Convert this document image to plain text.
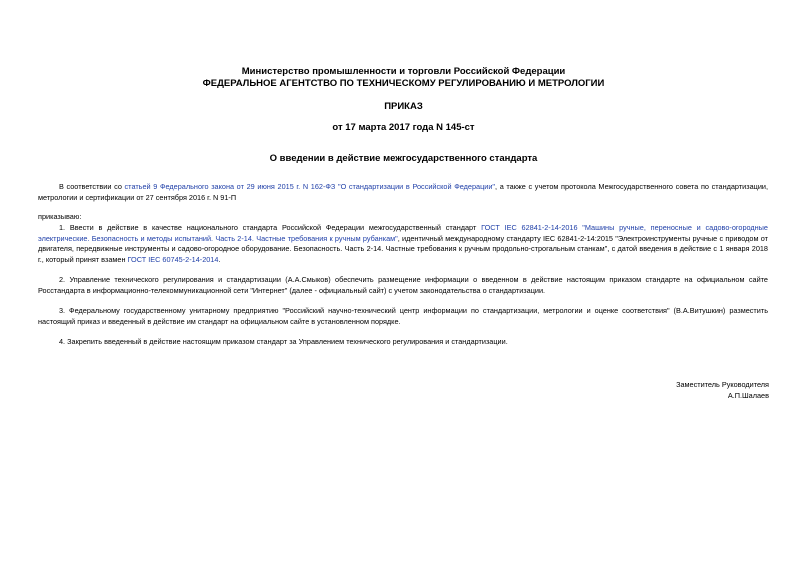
Министерство промышленности и торговли Российской Федерации
ФЕДЕРАЛЬНОЕ АГЕНТСТВО ПО ТЕХНИЧЕСКОМУ РЕГУЛИРОВАНИЮ И МЕТРОЛОГИИ
ПРИКАЗ
от 17 марта 2017 года N 145-ст
О введении в действие межгосударственного стандарта
В соответствии со статьей 9 Федерального закона от 29 июня 2015 г. N 162-ФЗ "О стандартизации в Российской Федерации", а также с учетом протокола Межгосударственного совета по стандартизации, метрологии и сертификации от 27 сентября 2016 г. N 91-П
приказываю:
1. Ввести в действие в качестве национального стандарта Российской Федерации межгосударственный стандарт ГОСТ IEC 62841-2-14-2016 "Машины ручные, переносные и садово-огородные электрические. Безопасность и методы испытаний. Часть 2-14. Частные требования к ручным рубанкам", идентичный международному стандарту IEC 62841-2-14:2015 "Электроинструменты ручные с приводом от двигателя, передвижные инструменты и садово-огородное оборудование. Безопасность. Часть 2-14. Частные требования к ручным продольно-строгальным станкам", с датой введения в действие с 1 января 2018 г., который принят взамен ГОСТ IEC 60745-2-14-2014.
2. Управление технического регулирования и стандартизации (А.А.Смыков) обеспечить размещение информации о введенном в действие настоящим приказом стандарте на официальном сайте Росстандарта в информационно-телекоммуникационной сети "Интернет" (далее - официальный сайт) с учетом законодательства о стандартизации.
3. Федеральному государственному унитарному предприятию "Российский научно-технический центр информации по стандартизации, метрологии и оценке соответствия" (В.А.Витушкин) разместить настоящий приказ и введенный в действие им стандарт на официальном сайте в установленном порядке.
4. Закрепить введенный в действие настоящим приказом стандарт за Управлением технического регулирования и стандартизации.
Заместитель Руководителя
А.П.Шалаев
